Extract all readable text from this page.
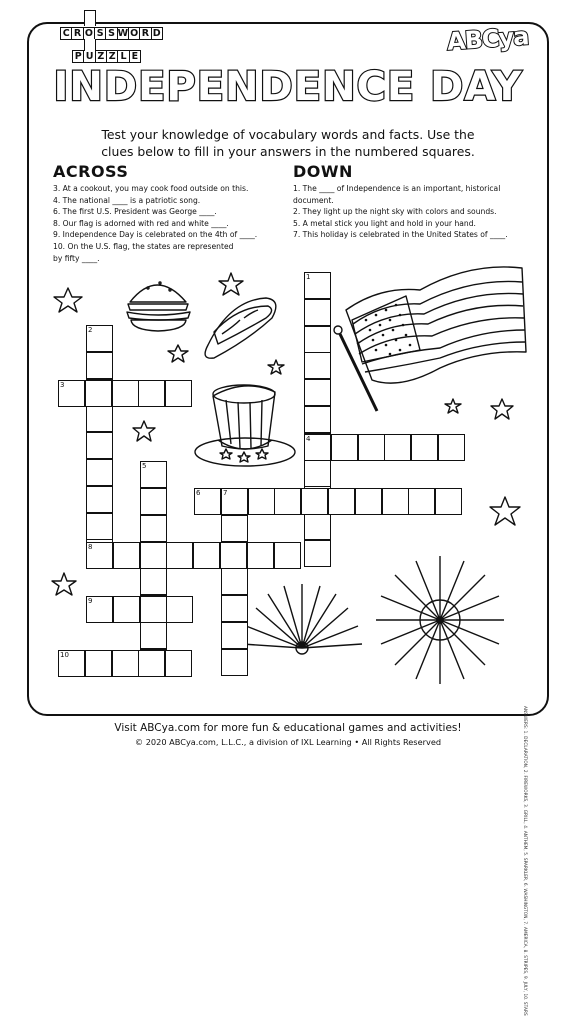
C R O S S W O R D
P U Z Z L E
ABCya
INDEPENDENCE DAY
Test your knowledge of vocabulary words and facts. Use the clues below to fill in your answers in the numbered squares.
ACROSS	DOWN
3. At a cookout, you may cook food outside on this.
4. The national ____ is a patriotic song.
6. The first U.S. President was George ____.
8. Our flag is adorned with red and white ____.
9. Independence Day is celebrated on the 4th of ____.
10. On the U.S. flag, the states are represented
by fifty ____.
1. The ____ of Independence is an important, historical
document.
2. They light up the night sky with colors and sounds.
5. A metal stick you light and hold in your hand.
7. This holiday is celebrated in the United States of ____.
1
2
3
4
5
6	7
8
9
10
ANSWERS: 1. DECLARATION, 2. FIREWORKS, 3. GRILL, 4. ANTHEM, 5. SPARKLER, 6. WASHINGTON, 7. AMERICA, 8. STRIPES, 9. JULY, 10. STARS
Visit ABCya.com for more fun & educational games and activities!
© 2020 ABCya.com, L.L.C., a division of IXL Learning • All Rights Reserved
